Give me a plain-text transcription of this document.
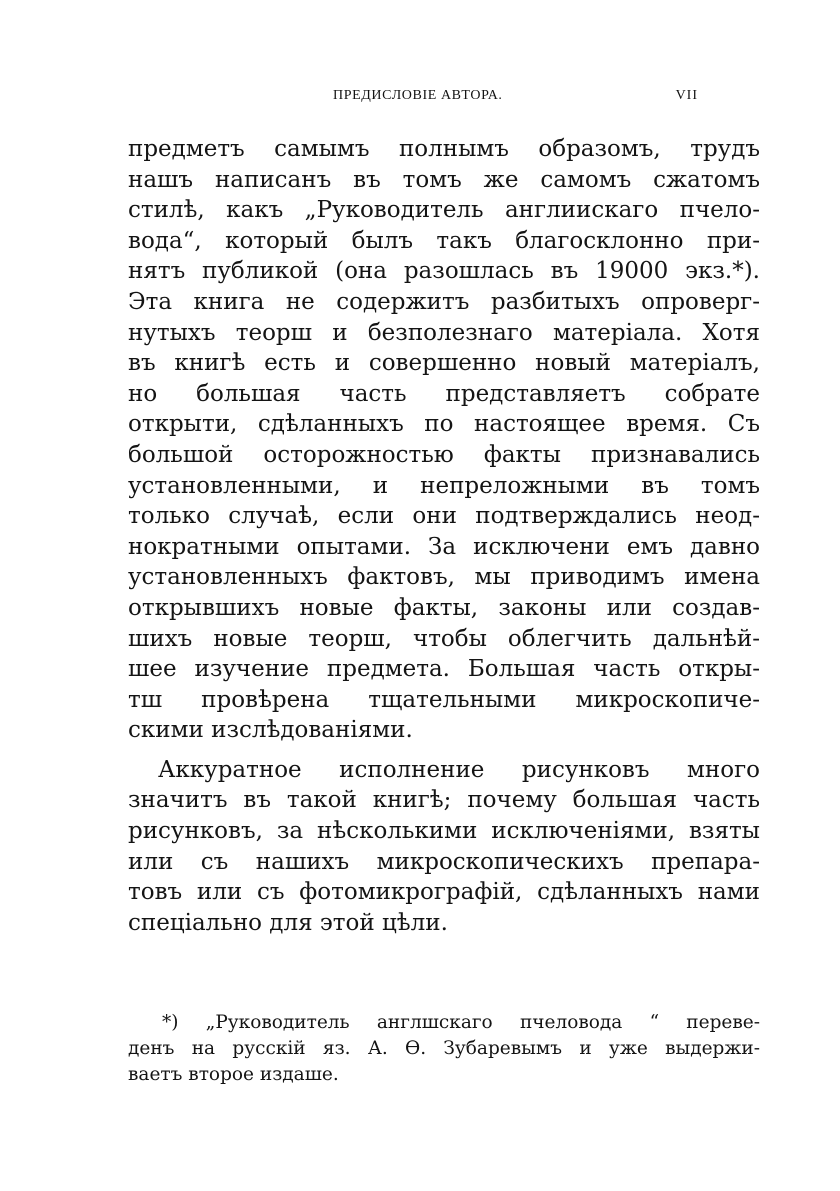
ПРЕДИСЛОВІЕ АВТОРА.	VII
предметъ самымъ полнымъ образомъ, трудъ
нашъ написанъ въ томъ же самомъ сжатомъ
стилѣ, какъ „Руководитель англиискаго пчело-
вода“, который былъ такъ благосклонно при-
нятъ публикой (она разошлась въ 19000 экз.*).
Эта книга не содержитъ разбитыхъ опроверг-
нутыхъ теорш и безполезнаго матеріала. Хотя
въ книгѣ есть и совершенно новый матеріалъ,
но большая часть представляетъ собрате
открыти, сдѣланныхъ по настоящее время. Съ
большой осторожностью факты признавались
установленными, и непреложными въ томъ
только случаѣ, если они подтверждались неод-
нократными опытами. За исключени емъ давно
установленныхъ фактовъ, мы приводимъ имена
открывшихъ новые факты, законы или создав-
шихъ новые теорш, чтобы облегчить дальнѣй-
шее изучение предмета. Большая часть откры-
тш провѣрена тщательными микроскопиче-
скими изслѣдованіями.
Аккуратное исполнение рисунковъ много
значитъ въ такой книгѣ; почему большая часть
рисунковъ, за нѣсколькими исключеніями, взяты
или съ нашихъ микроскопическихъ препара-
товъ или съ фотомикрографій, сдѣланныхъ нами
спеціально для этой цѣли.
*) „Руководитель англшскаго пчеловода “ переве-
денъ на русскій яз. А. Ѳ. Зубаревымъ и уже выдержи-
ваетъ второе издаше.
